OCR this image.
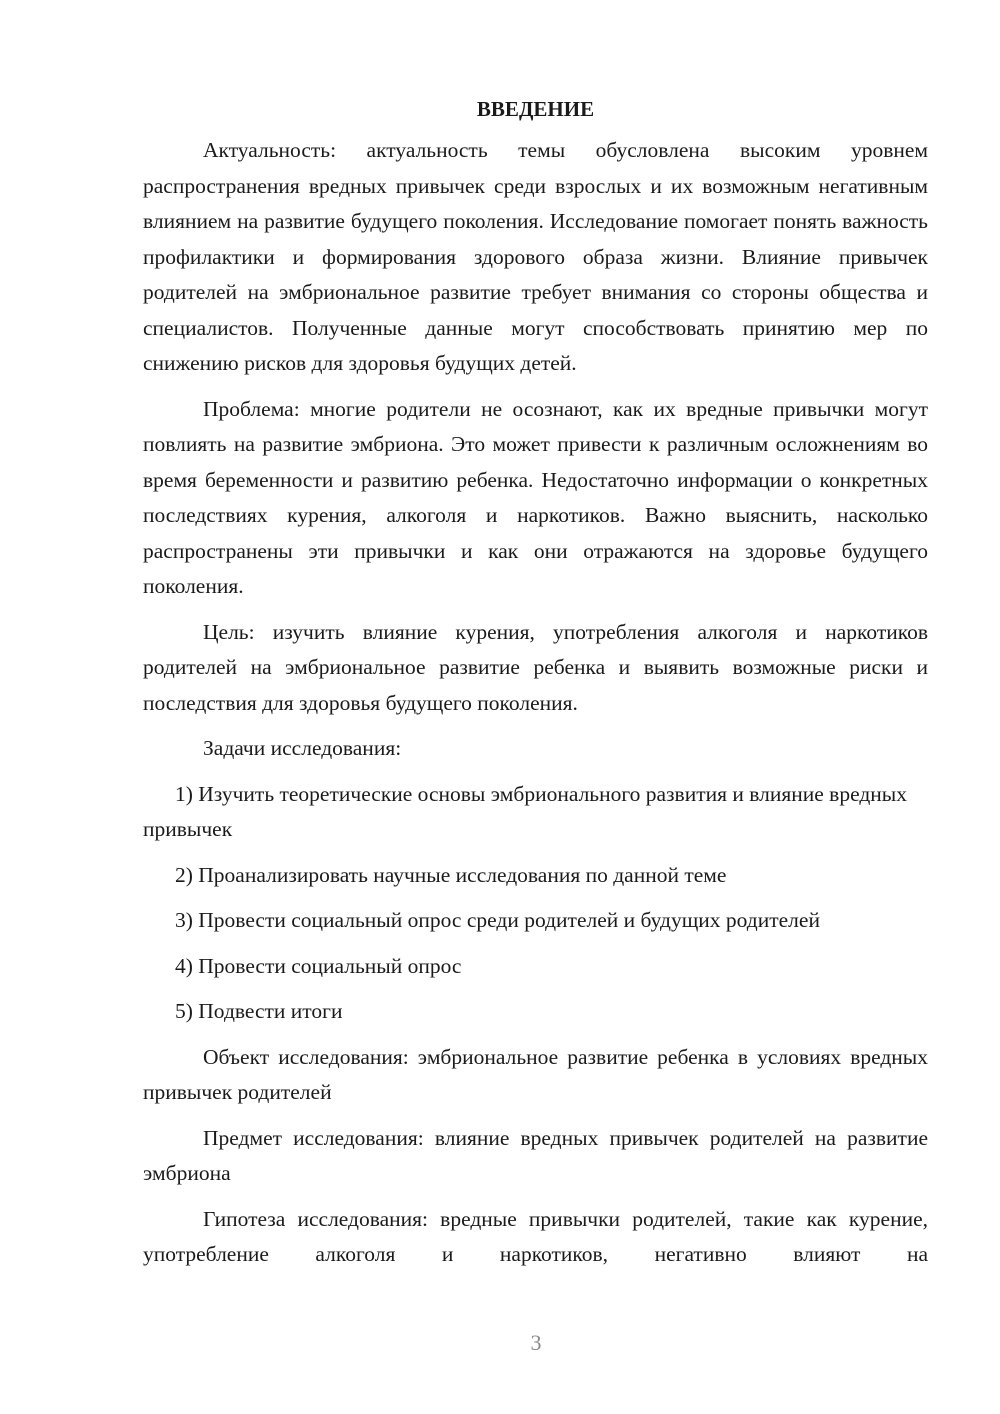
ВВЕДЕНИЕ

Актуальность: актуальность темы обусловлена высоким уровнем распространения вредных привычек среди взрослых и их возможным негативным влиянием на развитие будущего поколения. Исследование помогает понять важность профилактики и формирования здорового образа жизни. Влияние привычек родителей на эмбриональное развитие требует внимания со стороны общества и специалистов. Полученные данные могут способствовать принятию мер по снижению рисков для здоровья будущих детей.

Проблема: многие родители не осознают, как их вредные привычки могут повлиять на развитие эмбриона. Это может привести к различным осложнениям во время беременности и развитию ребенка. Недостаточно информации о конкретных последствиях курения, алкоголя и наркотиков. Важно выяснить, насколько распространены эти привычки и как они отражаются на здоровье будущего поколения.

Цель: изучить влияние курения, употребления алкоголя и наркотиков родителей на эмбриональное развитие ребенка и выявить возможные риски и последствия для здоровья будущего поколения.

Задачи исследования:

1) Изучить теоретические основы эмбрионального развития и влияние вредных привычек

2) Проанализировать научные исследования по данной теме

3) Провести социальный опрос среди родителей и будущих родителей

4) Провести социальный опрос

5) Подвести итоги

Объект исследования: эмбриональное развитие ребенка в условиях вредных привычек родителей

Предмет исследования: влияние вредных привычек родителей на развитие эмбриона

Гипотеза исследования: вредные привычки родителей, такие как курение, употребление алкоголя и наркотиков, негативно влияют на

3
